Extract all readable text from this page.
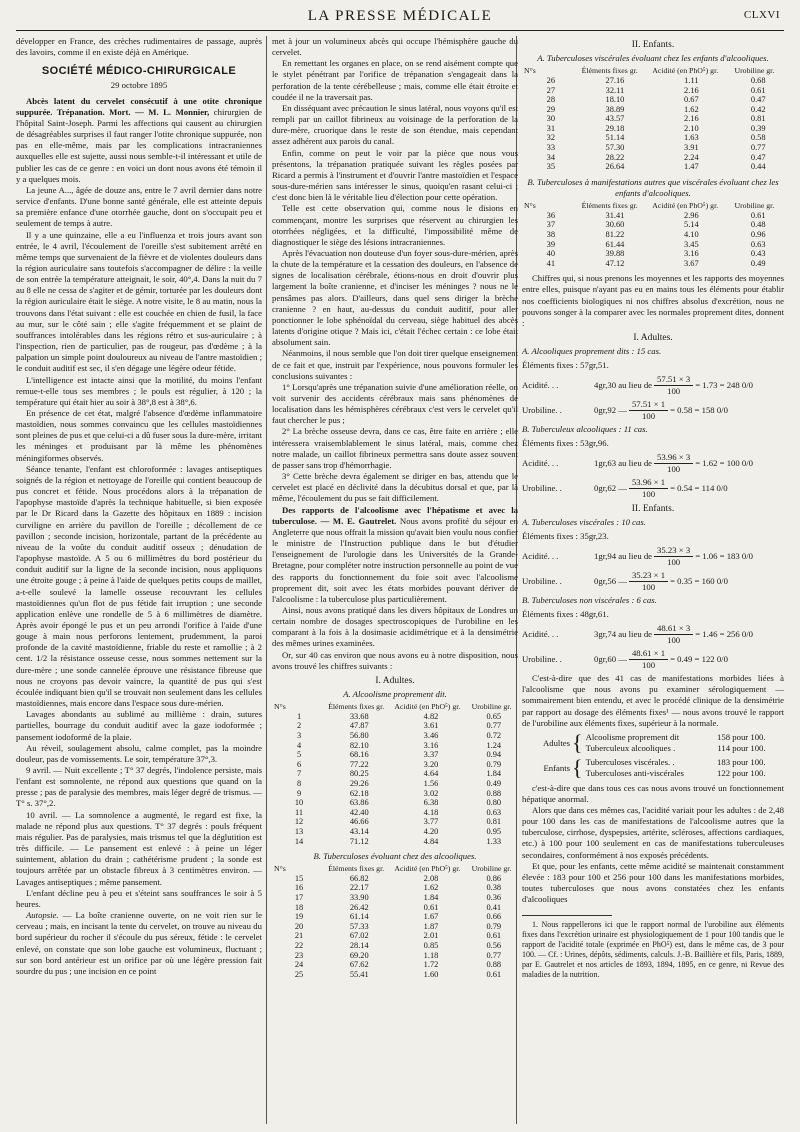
LA PRESSE MÉDICALE	CLXVI

développer en France, des crèches rudimentaires de passage, auprès des lavoirs, comme il en existe déjà en Amérique.

SOCIÉTÉ MÉDICO-CHIRURGICALE
29 octobre 1895

Abcès latent du cervelet consécutif à une otite chronique suppurée. Trépanation. Mort. — M. L. Monnier, chirurgien de l'hôpital Saint-Joseph. Parmi les affections qui causent au chirurgien de désagréables surprises il faut ranger l'otite chronique suppurée, non pas en elle-même, mais par les complications intracraniennes auxquelles elle est sujette, aussi nous semble-t-il intéressant et utile de publier les cas de ce genre : en voici un dont nous avons été témoin il y a quelques mois.

La jeune A..., âgée de douze ans, entre le 7 avril dernier dans notre service d'enfants. D'une bonne santé générale, elle est atteinte depuis sa première enfance d'une otorrhée gauche, dont on s'occupait peu et seulement de temps à autre.

Il y a une quinzaine, elle a eu l'influenza et trois jours avant son entrée, le 4 avril, l'écoulement de l'oreille s'est subitement arrêté en même temps que survenaient de la fièvre et de violentes douleurs dans la région auriculaire sans toutefois s'accompagner de délire : la veille de son entrée la température atteignait, le soir, 40°,4. Dans la nuit du 7 au 8 elle ne cessa de s'agiter et de gémir, torturée par les douleurs dont la région auriculaire était le siège. A notre visite, le 8 au matin, nous la trouvons dans l'état suivant : elle est couchée en chien de fusil, la face au mur, sur le côté sain ; elle s'agite fréquemment et se plaint de souffrances intolérables dans les régions rétro et sus-auriculaire ; à l'inspection, rien de particulier, pas de rougeur, pas d'œdème ; à la palpation un simple point douloureux au niveau de l'antre mastoïdien ; le conduit auditif est sec, il s'en dégage une légère odeur fétide.

L'intelligence est intacte ainsi que la motilité, du moins l'enfant remue-t-elle tous ses membres ; le pouls est régulier, à 120 ; la température qui était hier au soir à 38°,8 est à 38°,6.

En présence de cet état, malgré l'absence d'œdème inflammatoire mastoïdien, nous sommes convaincu que les cellules mastoïdiennes sont pleines de pus et que celui-ci a dû fuser sous la dure-mère, irritant les méninges et produisant par là même les phénomènes méningiformes observés.

Séance tenante, l'enfant est chloroformée : lavages antiseptiques soignés de la région et nettoyage de l'oreille qui contient beaucoup de pus concret et fétide. Nous procédons alors à la trépanation de l'apophyse mastoïde d'après la technique habituelle, si bien exposée par le Dr Ricard dans la Gazette des hôpitaux en 1889 : incision curviligne en arrière du pavillon de l'oreille ; décollement de ce pavillon ; seconde incision, horizontale, partant de la précédente au niveau de la voûte du conduit auditif osseux ; dénudation de l'apophyse mastoïde. A 5 ou 6 millimètres du bord postérieur du conduit auditif sur la ligne de la seconde incision, nous appliquons une étroite gouge ; à peine à l'aide de quelques petits coups de maillet, a-t-elle soulevé la lamelle osseuse recouvrant les cellules mastoïdiennes qu'un flot de pus fétide fait irruption ; une seconde application enlève une rondelle de 5 à 6 millimètres de diamètre. Après avoir épongé le pus et un peu arrondi l'orifice à l'aide d'une gouge à main nous perforons lentement, prudemment, la paroi profonde de la cavité mastoïdienne, friable du reste et ramollie ; à 2 cent. 1/2 la résistance osseuse cesse, nous sommes nettement sur la dure-mère ; une sonde cannelée éprouve une résistance fibreuse que nous ne croyons pas devoir vaincre, la quantité de pus qui s'est écoulée indiquant bien qu'il se trouvait non seulement dans les cellules mastoïdiennes, mais encore dans l'espace sous dure-mérien.

Lavages abondants au sublimé au millième : drain, sutures partielles, bourrage du conduit auditif avec la gaze iodoformée ; pansement iodoformé de la plaie.

Au réveil, soulagement absolu, calme complet, pas la moindre douleur, pas de vomissements. Le soir, température 37°,3.

9 avril. — Nuit excellente ; T° 37 degrés, l'indolence persiste, mais l'enfant est somnolente, ne répond aux questions que quand on la presse ; pas de paralysie des membres, mais léger degré de trismus. — T° s. 37°,2.

10 avril. — La somnolence a augmenté, le regard est fixe, la malade ne répond plus aux questions. T° 37 degrés : pouls fréquent mais régulier. Pas de paralysies, mais trismus tel que la déglutition est très difficile. — Le pansement est enlevé : à peine un léger suintement, ablation du drain ; cathétérisme prudent ; la sonde est toujours arrêtée par un obstacle fibreux à 3 centimètres environ. — Lavages antiseptiques ; même pansement.

L'enfant décline peu à peu et s'éteint sans souffrances le soir à 5 heures.

Autopsie. — La boîte cranienne ouverte, on ne voit rien sur le cerveau ; mais, en incisant la tente du cervelet, on trouve au niveau du bord supérieur du rocher il s'écoule du pus séreux, fétide : le cervelet enlevé, on constate que son lobe gauche est volumineux, fluctuant ; sur son bord antérieur est un orifice par où une légère pression fait sourdre du pus ; une incision en ce point

met à jour un volumineux abcès qui occupe l'hémisphère gauche du cervelet.

En remettant les organes en place, on se rend aisément compte que le stylet pénétrant par l'orifice de trépanation s'engageait dans la perforation de la tente cérébelleuse ; mais, comme elle était étroite et coudée il ne la traversait pas.

En disséquant avec précaution le sinus latéral, nous voyons qu'il est rempli par un caillot fibrineux au voisinage de la perforation de la dure-mère, cruorique dans le reste de son étendue, mais cependant assez adhérent aux parois du canal.

Enfin, comme on peut le voir par la pièce que nous vous présentons, la trépanation pratiquée suivant les règles posées par Ricard a permis à l'instrument et d'ouvrir l'antre mastoïdien et l'espace sous-dure-mérien sans intéresser le sinus, quoiqu'en rasant celui-ci ; c'est donc bien là le véritable lieu d'élection pour cette opération.

Telle est cette observation qui, comme nous le disions en commençant, montre les surprises que réservent au chirurgien les otorrhées négligées, et la difficulté, l'impossibilité même de diagnostiquer le siège des lésions intracraniennes.

Après l'évacuation non douteuse d'un foyer sous-dure-mérien, après la chute de la température et la cessation des douleurs, en l'absence de signes de localisation cérébrale, étions-nous en droit d'ouvrir plus largement la boîte cranienne, et d'inciser les méninges ? nous ne le pensâmes pas alors. D'ailleurs, dans quel sens diriger la brèche cranienne ? en haut, au-dessus du conduit auditif, pour aller ponctionner le lobe sphénoïdal du cerveau, siège habituel des abcès latents d'origine otique ? Mais ici, c'était l'échec certain : ce lobe était absolument sain.

Néanmoins, il nous semble que l'on doit tirer quelque enseignement de ce fait et que, instruit par l'expérience, nous pouvons formuler les conclusions suivantes :

1° Lorsqu'après une trépanation suivie d'une amélioration réelle, on voit survenir des accidents cérébraux mais sans phénomènes de localisation dans les hémisphères cérébraux c'est vers le cervelet qu'il faut chercher le pus ;

2° La brèche osseuse devra, dans ce cas, être faite en arrière ; elle intéressera vraisemblablement le sinus latéral, mais, comme chez notre malade, un caillot fibrineux permettra sans doute assez souvent de passer sans trop d'hémorrhagie.

3° Cette brèche devra également se diriger en bas, attendu que le cervelet est placé en déclivité dans la décubitus dorsal et que, par là même, l'écoulement du pus se fait difficilement.

Des rapports de l'alcoolisme avec l'hépatisme et avec la tuberculose. — M. E. Gautrelet. Nous avons profité du séjour en Angleterre que nous offrait la mission qu'avait bien voulu nous confier le ministre de l'Instruction publique dans le but d'étudier l'enseignement de l'urologie dans les Universités de la Grande-Bretagne, pour compléter notre instruction personnelle au point de vue des rapports du fonctionnement du foie soit avec l'alcoolisme proprement dit, soit avec les états morbides pouvant dériver de l'alcoolisme : la tuberculose plus particulièrement.

Ainsi, nous avons pratiqué dans les divers hôpitaux de Londres un certain nombre de dosages spectroscopiques de l'urobiline en les comparant à la fois à la dosimasie acidimétrique et à la densimétrie des mêmes urines examinées.

Or, sur 40 cas environ que nous avons eu à notre disposition, nous avons trouvé les chiffres suivants :

I. Adultes.
A. Alcoolisme proprement dit.
N°s	Éléments fixes gr.	Acidité (en PhO⁵) gr.	Urobiline gr.
1	33.68	4.82	0.65
2	47.87	3.61	0.77
3	56.80	3.46	0.72
4	82.10	3.16	1.24
5	68.16	3.37	0.94
6	77.22	3.20	0.79
7	80.25	4.64	1.84
8	29.26	1.56	0.49
9	62.18	3.02	0.88
10	63.86	6.38	0.80
11	42.40	4.18	0.63
12	46.66	3.77	0.81
13	43.14	4.20	0.95
14	71.12	4.84	1.33
B. Tuberculoses évoluant chez des alcooliques.
N°s	Éléments fixes gr.	Acidité (en PhO⁵) gr.	Urobiline gr.
15	66.82	2.08	0.86
16	22.17	1.62	0.38
17	33.90	1.84	0.36
18	26.42	0.61	0.41
19	61.14	1.67	0.66
20	57.33	1.87	0.79
21	67.02	2.01	0.61
22	28.14	0.85	0.56
23	69.20	1.18	0.77
24	67.62	1.72	0.88
25	55.41	1.60	0.61
II. Enfants.
A. Tuberculoses viscérales évoluant chez les enfants d'alcooliques.
N°s	Éléments fixes gr.	Acidité (en PhO⁵) gr.	Urobiline gr.
26	27.16	1.11	0.68
27	32.11	2.16	0.61
28	18.10	0.67	0.47
29	38.89	1.62	0.42
30	43.57	2.16	0.81
31	29.18	2.10	0.39
32	51.14	1.63	0.58
33	57.30	3.91	0.77
34	28.22	2.24	0.47
35	26.64	1.47	0.44
B. Tuberculoses à manifestations autres que viscérales évoluant chez les enfants d'alcooliques.
N°s	Éléments fixes gr.	Acidité (en PhO⁵) gr.	Urobiline gr.
36	31.41	2.96	0.61
37	30.60	5.14	0.48
38	81.22	4.10	0.96
39	61.44	3.45	0.63
40	39.88	3.16	0.43
41	47.12	3.67	0.49

Chiffres qui, si nous prenons les moyennes et les rapports des moyennes entre elles, puisque n'ayant pas eu en mains tous les éléments pour établir nos coefficients biologiques ni nos chiffres absolus d'excrétion, nous ne pouvons songer à la comparer avec les normales proprement dites, donnent :

I. Adultes.
A. Alcooliques proprement dits : 15 cas.
Éléments fixes : 57gr,51.
Acidité. . .	4gr,30 au lieu de $\frac{57.51 \times 3}{100} = 1.73 = 248$ 0/0
Urobiline. .	0gr,92 — $\frac{57.51 \times 1}{100} = 0.58 = 158$ 0/0
B. Tuberculeux alcooliques : 11 cas.
Éléments fixes : 53gr,96.
Acidité. . .	1gr,63 au lieu de $\frac{53.96 \times 3}{100} = 1.62 = 100$ 0/0
Urobiline. .	0gr,62 — $\frac{53.96 \times 1}{100} = 0.54 = 114$ 0/0
II. Enfants.
A. Tuberculoses viscérales : 10 cas.
Éléments fixes : 35gr,23.
Acidité. . .	1gr,94 au lieu de $\frac{35.23 \times 3}{100} = 1.06 = 183$ 0/0
Urobiline. .	0gr,56 — $\frac{35.23 \times 1}{100} = 0.35 = 160$ 0/0
B. Tuberculoses non viscérales : 6 cas.
Éléments fixes : 48gr,61.
Acidité. . .	3gr,74 au lieu de $\frac{48.61 \times 3}{100} = 1.46 = 256$ 0/0
Urobiline. .	0gr,60 — $\frac{48.61 \times 1}{100} = 0.49 = 122$ 0/0

C'est-à-dire que des 41 cas de manifestations morbides liées à l'alcoolisme que nous avons pu examiner sérologiquement — sommairement bien entendu, et avec le procédé clinique de la densimétrie par rapport au dosage des éléments fixes¹ — nous avons trouvé le rapport de l'urobiline aux éléments fixes, supérieur à la normale.

Adultes { Alcoolisme proprement dit	158 pour 100.
Tuberculeux alcooliques .	114 pour 100.
Enfants { Tuberculoses viscérales. .	183 pour 100.
Tuberculoses anti-viscérales	122 pour 100.

c'est-à-dire que dans tous ces cas nous avons trouvé un fonctionnement hépatique anormal.

Alors que dans ces mêmes cas, l'acidité variait pour les adultes : de 2,48 pour 100 dans les cas de manifestations de l'alcoolisme autres que la tuberculose, cirrhose, dyspepsies, artérite, scléroses, affections cardiaques, etc.) à 100 pour 100 seulement en cas de manifestations tuberculeuses secondaires, conformément à nos exposés précédents.

Et que, pour les enfants, cette même acidité se maintenait constamment élevée : 183 pour 100 et 256 pour 100 dans les manifestations morbides, toutes tuberculoses que nous avons constatées chez les enfants d'alcooliques

1. Nous rappellerons ici que le rapport normal de l'urobiline aux éléments fixes dans l'excrétion urinaire est physiologiquement de 1 pour 100 tandis que le rapport de l'acidité totale (exprimée en PhO⁵) est, dans le même cas, de 3 pour 100. — Cf. : Urines, dépôts, sédiments, calculs. J.-B. Baillière et fils, Paris, 1889, par E. Gautrelet et nos articles de 1893, 1894, 1895, en ce genre, ni Revue des maladies de la nutrition.
